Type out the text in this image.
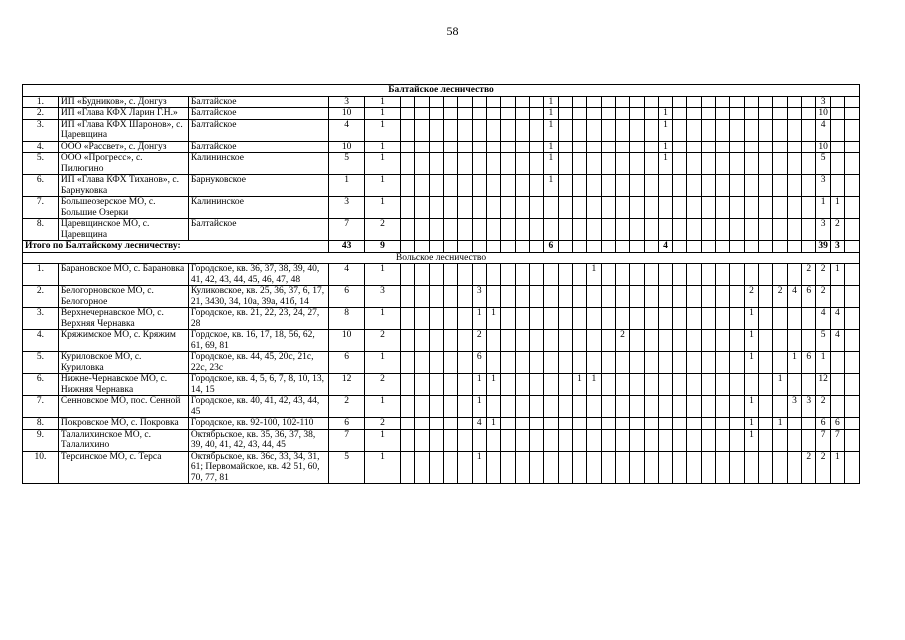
58
Балтайское лесничество																																				
1.	ИП «Будников», с. Донгуз	Балтайское	3	1											1																			3		
2.	ИП «Глава КФХ Ларин Г.Н.»	Балтайское	10	1											1								1											10		
3.	ИП «Глава КФХ Шаронов», с. Царевщина	Балтайское	4	1											1								1											4		
4.	ООО «Рассвет», с. Донгуз	Балтайское	10	1											1								1											10		
5.	ООО «Прогресс», с. Пилюгино	Калининское	5	1											1								1											5		
6.	ИП «Глава КФХ Тиханов», с. Барнуковка	Барнуковское	1	1											1																			3		
7.	Большеозерское МО, с. Большие Озерки	Калининское	3	1																														1	1	
8.	Царевщинское МО, с. Царевщина	Балтайское	7	2																														3	2	
Итого по Балтайскому лесничеству:			43	9											6								4											39	3	
Вольское лесничество																																				
1.	Барановское МО, с. Барановка	Городское, кв. 36, 37, 38, 39, 40, 41, 42, 43, 44, 45, 46, 47, 48	4	1														1															2	2	1	
2.	Белогорновское МО, с. Белогорное	Куликовское, кв. 25, 36, 37, 6, 17, 21, 3430, 34, 10a, 39a, 41б, 14	6	3						3																			2		2	4	6	2		
3.	Верхнечернавское МО, с. Верхняя Чернавка	Городское, кв. 21, 22, 23, 24, 27, 28	8	1						1	1																		1					4	4	
4.	Кряжимское МО, с. Кряжим	Гордское, кв. 16, 17, 18, 56, 62, 61, 69, 81	10	2						2										2									1					5	4	
5.	Куриловское МО, с. Куриловка	Городское, кв. 44, 45, 20с, 21с, 22с, 23с	6	1						6																			1			1	6	1		
6.	Нижне-Чернавское МО, с. Нижняя Чернавка	Городское, кв. 4, 5, 6, 7, 8, 10, 13, 14, 15	12	2						1	1						1	1													1			12		
7.	Сенновское МО, пос. Сенной	Городское, кв. 40, 41, 42, 43, 44, 45	2	1						1																			1			3	3	2		
8.	Покровское МО, с. Покровка	Городское, кв. 92-100, 102-110	6	2						4	1																		1		1			6	6	
9.	Талалихинское МО, с. Талалихино	Октябрьское, кв. 35, 36, 37, 38, 39, 40, 41, 42, 43, 44, 45	7	1																									1					7	7	
10.	Терсинское МО, с. Терса	Октябрьское, кв. 36с, 33, 34, 31, 61; Первомайское, кв. 42 51, 60, 70, 77, 81	5	1						1																							2	2	1	
